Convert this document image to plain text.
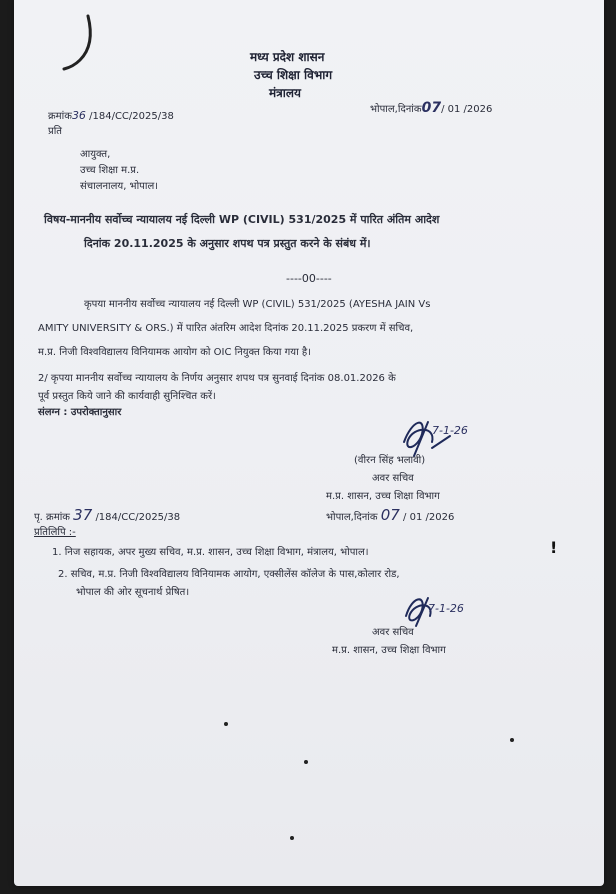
मध्य प्रदेश शासन
उच्च शिक्षा विभाग
मंत्रालय
क्रमांक36 /184/CC/2025/38
भोपाल,दिनांक07/ 01 /2026
प्रति
आयुक्त,
उच्च शिक्षा म.प्र.
संचालनालय, भोपाल।
विषय-माननीय सर्वोच्च न्यायालय नई दिल्ली WP (CIVIL) 531/2025 में पारित अंतिम आदेश
दिनांक 20.11.2025 के अनुसार शपथ पत्र प्रस्तुत करने के संबंध में।
----00----
कृपया माननीय सर्वोच्च न्यायालय नई दिल्ली WP (CIVIL) 531/2025 (AYESHA JAIN Vs
AMITY UNIVERSITY & ORS.) में पारित अंतरिम आदेश दिनांक 20.11.2025 प्रकरण में सचिव,
म.प्र. निजी विश्वविद्यालय विनियामक आयोग को OIC नियुक्त किया गया है।
2/ कृपया माननीय सर्वोच्च न्यायालय के निर्णय अनुसार शपथ पत्र सुनवाई दिनांक 08.01.2026 के
पूर्व प्रस्तुत किये जाने की कार्यवाही सुनिश्चित करें।
संलग्न : उपरोक्तानुसार
7-1-26
(वीरन सिंह भलावी)
अवर सचिव
म.प्र. शासन, उच्च शिक्षा विभाग
पृ. क्रमांक 37 /184/CC/2025/38	भोपाल,दिनांक 07 / 01 /2026
प्रतिलिपि :-
1. निज सहायक, अपर मुख्य सचिव, म.प्र. शासन, उच्च शिक्षा विभाग, मंत्रालय, भोपाल।	!
2. सचिव, म.प्र. निजी विश्वविद्यालय विनियामक आयोग, एक्सीलेंस कॉलेज के पास,कोलार रोड,
भोपाल की ओर सूचनार्थ प्रेषित।
7-1-26
अवर सचिव
म.प्र. शासन, उच्च शिक्षा विभाग
